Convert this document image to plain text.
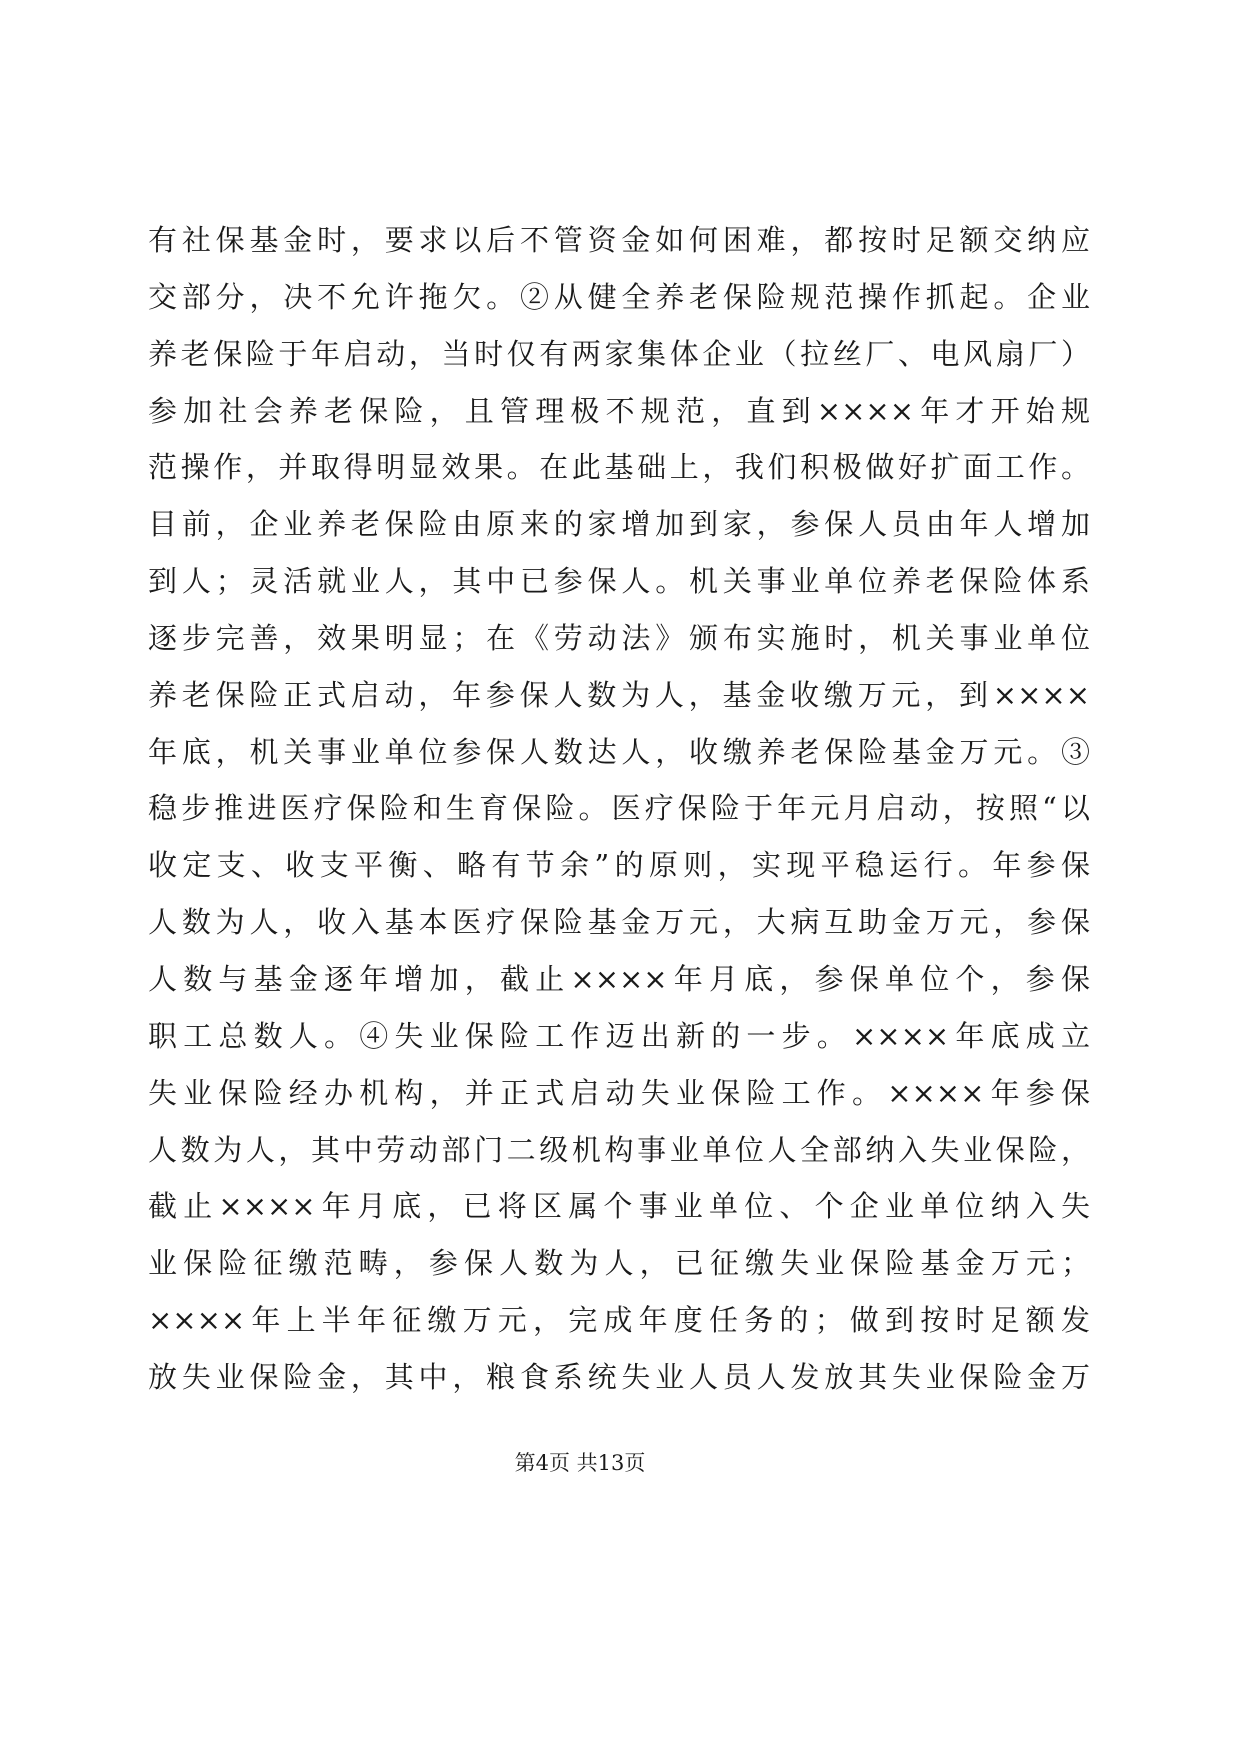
有社保基金时，要求以后不管资金如何困难，都按时足额交纳应
交部分，决不允许拖欠。②从健全养老保险规范操作抓起。企业
养老保险于年启动，当时仅有两家集体企业（拉丝厂、电风扇厂）
参加社会养老保险，且管理极不规范，直到××××年才开始规
范操作，并取得明显效果。在此基础上，我们积极做好扩面工作。
目前，企业养老保险由原来的家增加到家，参保人员由年人增加
到人；灵活就业人，其中已参保人。机关事业单位养老保险体系
逐步完善，效果明显；在《劳动法》颁布实施时，机关事业单位
养老保险正式启动，年参保人数为人，基金收缴万元，到××××
年底，机关事业单位参保人数达人，收缴养老保险基金万元。③
稳步推进医疗保险和生育保险。医疗保险于年元月启动，按照“以
收定支、收支平衡、略有节余”的原则，实现平稳运行。年参保
人数为人，收入基本医疗保险基金万元，大病互助金万元，参保
人数与基金逐年增加，截止××××年月底，参保单位个，参保
职工总数人。④失业保险工作迈出新的一步。××××年底成立
失业保险经办机构，并正式启动失业保险工作。××××年参保
人数为人，其中劳动部门二级机构事业单位人全部纳入失业保险，
截止××××年月底，已将区属个事业单位、个企业单位纳入失
业保险征缴范畴，参保人数为人，已征缴失业保险基金万元；
××××年上半年征缴万元，完成年度任务的；做到按时足额发
放失业保险金，其中，粮食系统失业人员人发放其失业保险金万
第4页 共13页
